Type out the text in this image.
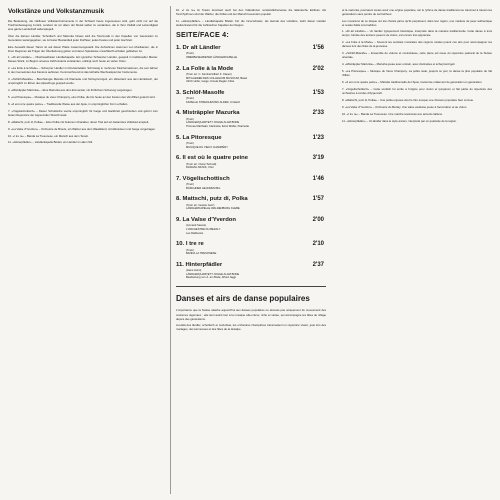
Volkstänze und Volkstanzmusik

Die Bedeutung, die zahllosen Volkstanzinstrumente in der Schweiz heute zugemessen wird, geht nicht nur auf die Trachtenbewegung zurück, sondern ist vor allem der Musik selber zu verdanken, die in ihrer Vielfalt und Lebendigkeit eine ganze Landschaft widerspiegelt.

Über die kleinen Ländler, Schottisch und Mazurka hinaus wird die Tanzmusik in den Kapellen von Generation zu Generation weitergegeben, sie ist fester Bestandteil jeder Dorffeier, jedes Festes und jeder Hochzeit.

Eine Auswahl dieser Tänze ist auf dieser Platte zusammengestellt. Die Aufnahmen stammen von Musikanten, die in ihren Regionen als Träger der Überlieferung gelten und deren Spielweise unverfälscht erhalten geblieben ist.

1. «Di alt Ländler» – Oberbaselbieter Ländlerkapelle. Ein typischer Schweizer Ländler, gespielt in traditioneller Manier. Dieses Stück, zu Beginn unseres Jahrhunderts entstanden, erklingt noch heute an vielen Orten.

2. «La Folie à la Mode» – Schwyzer Ländler im Dreivierteltakt. Schmissig in mehreren Kleinformationen, die seit Jahren in den Gemeinden des Kantons auftreten. Kennzeichnend ist das lebhafte Wechselspiel der Instrumente.

3. «Schlöf-Masolfe» – Beschwingte Melodie mit Klarinette und Schwyzerörgeli, ein Hirtentanz aus dem Entlebuch, der ursprünglich zu Ehren des Alpaufzugs gespielt wurde.

4. «Misträppler Mazurka» – Eine Mazurka aus dem Emmental, mit fröhlichem Schwung vorgetragen.

5. «La Pitoresque» – Musique du vieux Champéry, eine Polka, die bis heute an den Festen des Val d'Illiez getanzt wird.

6. «Il est où le quatre peine» – Traditionelle Weise aus der Ajoie, in ursprünglicher Form erhalten.

7. «Vögelischottisch» – Dieser Schottische wurde ursprünglich für Geige und Hackbrett geschrieben und gehört zum festen Repertoire der Appenzeller Streichmusik.

8. «Mattschi, putz di, Polka» – Eine Polka mit heiterem Charakter, deren Titel auf ein bekanntes Volkslied anspielt.

9. «La Valse d'Yverdon» – Orchestre de Brouts, ein Walzer aus dem Waadtland, mit Akkordeon und Geige vorgetragen.

10. «I tre re» – Banda La Tresonese, ein Marsch aus dem Tessin.

11. «Hinterpfädler» – Ländlerkapelle Bödeli, ein Ländler im alten Stil.

10. «I tre re» Im Tessin dominiert auch bei den Volkstänzen verständlicherweise die italienische Einfluss. Als Tanzrhythmen sind der Walzer, die Polka und der Marsch besonders populär.

11. «Hinterpfädler» – Ländlerkapelle Bödeli. Für die Innerschweiz, als Heimat des Ländlers, steht dieser Ländler stellvertretend für die zahlreichen Kapellen der Region.

SEITE/FACE 4:
1. Dr alt Ländler	1'56
(Trad.)
OBERBASELBIETER LÄNDLERKAPELLE
2. La Folie à la Mode	2'02
(Trad. arr. C. Kamber/Albert K. Klauer)
MITGLIEDER DES COLLEGIUM MUSICUM, Basel
Ulrich Hofer, Geige; Ursula Ziegler, Flöte
3. Schlöf-Masolfe	1'53
(Trad.)
KAPELLE STREICHMUSIK ALDER, Urnäsch
4. Misträppler Mazurka	2'33
(Trad.)
LÄNDLERQUARTETT JOGGE ALAM BODE
Thomas Marthaler, Klarinette; Ernst Müller, Klarinette
5. La Pitoresque	1'23
(Trad.)
MUSIQUE DU VIEUX CHAMPÉRY
6. Il est où le quatre peine	3'19
(Trad. arr. Oscar Tschudi)
FRANZLI-MUSIK, Chur
7. Vögelischottisch	1'46
(Trad.)
BÜRCHNER HEUNDMUSIG
8. Mattschi, putz di, Polka	1'57
(Trad. arr. Gustav Gurz)
LÄNDLERKAPELLE WALDENBURG KLEBE
9. La Valse d'Yverdon	2'00
(Armand Savoie)
L'ORCHESTRE DU BEZALY
Les Diablerets
10. I tre re	2'10
(Trad.)
BANDA LA TRESONESE
11. Hinterpfädler	2'37
(Hans Hurni)
LÄNDLERQUARTETT JOGGE ALAM BODE
Bearbeitung von Ä. am Bode; Alfred Jaggi
Danses et airs de danse populaires

L'importance que la Suisse attache aujourd'hui aux danses populaires ne découle pas uniquement du mouvement des costumes régionaux ; elle tient avant tout à la musique elle-même, riche et variée, qui accompagne les fêtes de village depuis des générations.

Au-delà des ländler, schottisch et mazurkas, les orchestres champêtres transmettent un répertoire vivant, joué lors des mariages, des kermesses et des fêtes de la désalpe.

et la mazurka, pourraient toutes avoir une origine populaire, car le rythme de danse traditionnel se transmet à travers les générations sans perdre de sa fraîcheur.

Les musiciens de ce disque ont été choisis parce qu'ils perpétuent, dans leur région, une manière de jouer authentique et restée fidèle à la tradition.

1. «Di alt Ländler» – Un ländler typiquement helvétique, interprété dans la manière traditionnelle. Cette danse à trois temps, héritée des anciens joueurs de violon, est encore très appréciée.

2. «La Folie à la Mode» – Souvent les sociétés musicales des régions rurales jouent ces airs pour accompagner les danses lors des fêtes de la jeunesse.

3. «Schlöf-Masolfe» – Ensemble de violons et contrebasse, cette pièce est issue du répertoire pastoral de la Suisse orientale.

4. «Misträppler Mazurka» – Mazurka jouée avec entrain, avec clarinettes et schwyzerörgeli.

5. «La Pitoresque» – Musique du Vieux Champéry. La polka reste, jusqu'à ce jour, la danse la plus populaire du Val d'Illiez.

6. «Il est où le quatre peine» – Mélodie traditionnelle de l'Ajoie, transmise oralement de génération en génération.

7. «Vögelischottisch» – Cette scottish fut écrite à l'origine pour violon et tympanon et fait partie du répertoire des orchestres à cordes d'Appenzell.

8. «Mattschi, putz di, Polka» – Une polka enjouée dont le titre évoque une chanson populaire bien connue.

9. «La Valse d'Yverdon» – Orchestre du Bezaly. Une valse vaudoise jouée à l'accordéon et au violon.

10. «I tre re» – Banda La Tresonese. Une marche tessinoise aux accents italiens.

11. «Hinterpfädler» – Un ländler dans le style ancien, interprété par un quartette de la région.
